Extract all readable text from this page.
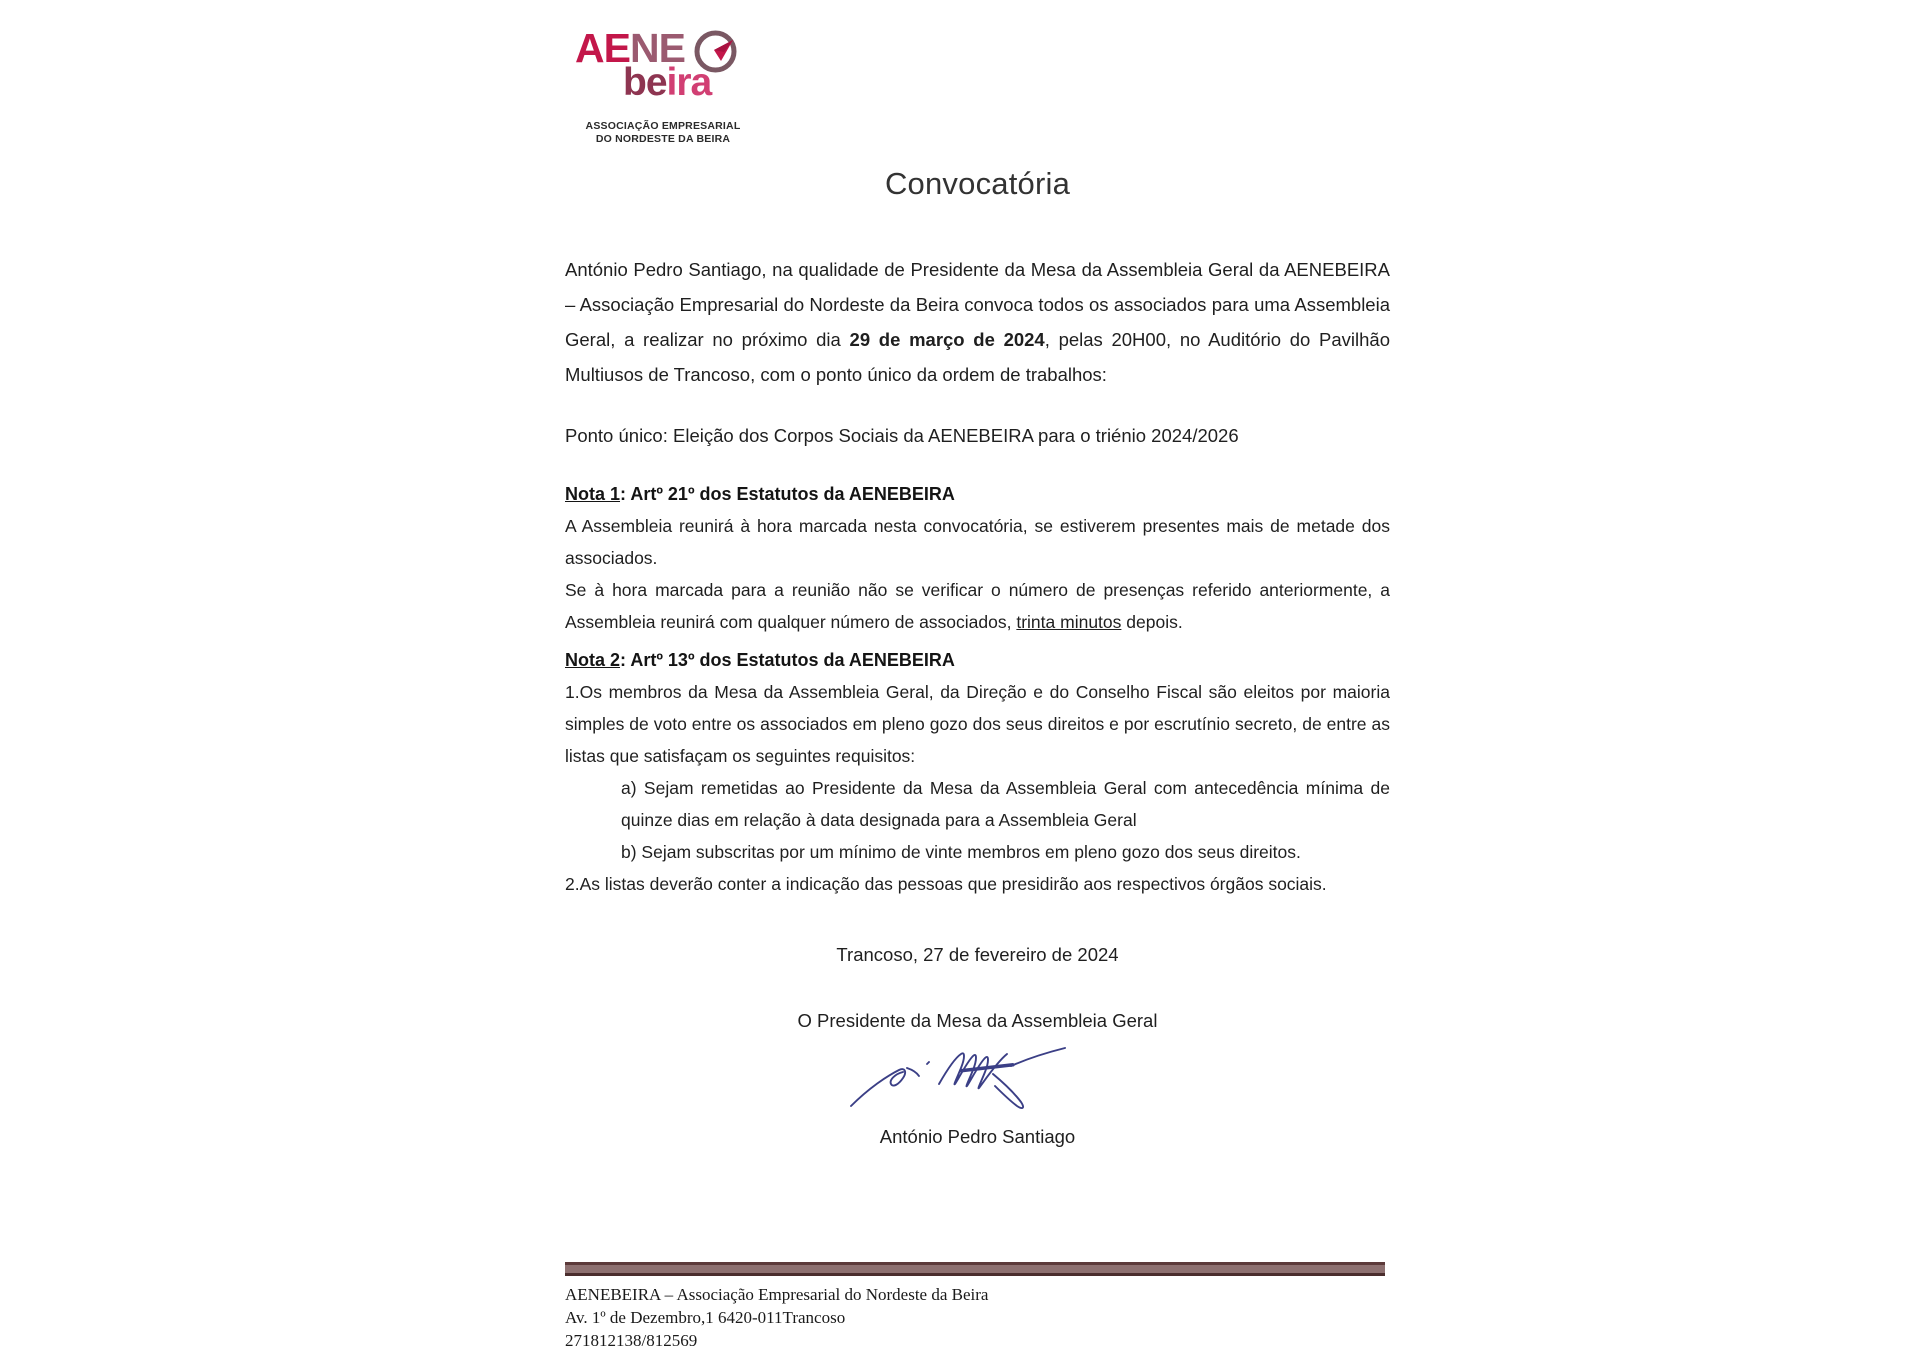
AENE
beira
ASSOCIAÇÃO EMPRESARIAL
DO NORDESTE DA BEIRA
Convocatória
António Pedro Santiago, na qualidade de Presidente da Mesa da Assembleia Geral da AENEBEIRA – Associação Empresarial do Nordeste da Beira convoca todos os associados para uma Assembleia Geral, a realizar no próximo dia 29 de março de 2024, pelas 20H00, no Auditório do Pavilhão Multiusos de Trancoso, com o ponto único da ordem de trabalhos:
Ponto único: Eleição dos Corpos Sociais da AENEBEIRA para o triénio 2024/2026
Nota 1: Artº 21º dos Estatutos da AENEBEIRA
A Assembleia reunirá à hora marcada nesta convocatória, se estiverem presentes mais de metade dos associados.
Se à hora marcada para a reunião não se verificar o número de presenças referido anteriormente, a Assembleia reunirá com qualquer número de associados, trinta minutos depois.
Nota 2: Artº 13º dos Estatutos da AENEBEIRA
1.Os membros da Mesa da Assembleia Geral, da Direção e do Conselho Fiscal são eleitos por maioria simples de voto entre os associados em pleno gozo dos seus direitos e por escrutínio secreto, de entre as listas que satisfaçam os seguintes requisitos:
a) Sejam remetidas ao Presidente da Mesa da Assembleia Geral com antecedência mínima de quinze dias em relação à data designada para a Assembleia Geral
b) Sejam subscritas por um mínimo de vinte membros em pleno gozo dos seus direitos.
2.As listas deverão conter a indicação das pessoas que presidirão aos respectivos órgãos sociais.
Trancoso, 27 de fevereiro de 2024
O Presidente da Mesa da Assembleia Geral
António Pedro Santiago
AENEBEIRA – Associação Empresarial do Nordeste da Beira
Av. 1º de Dezembro,1 6420-011Trancoso
271812138/812569
